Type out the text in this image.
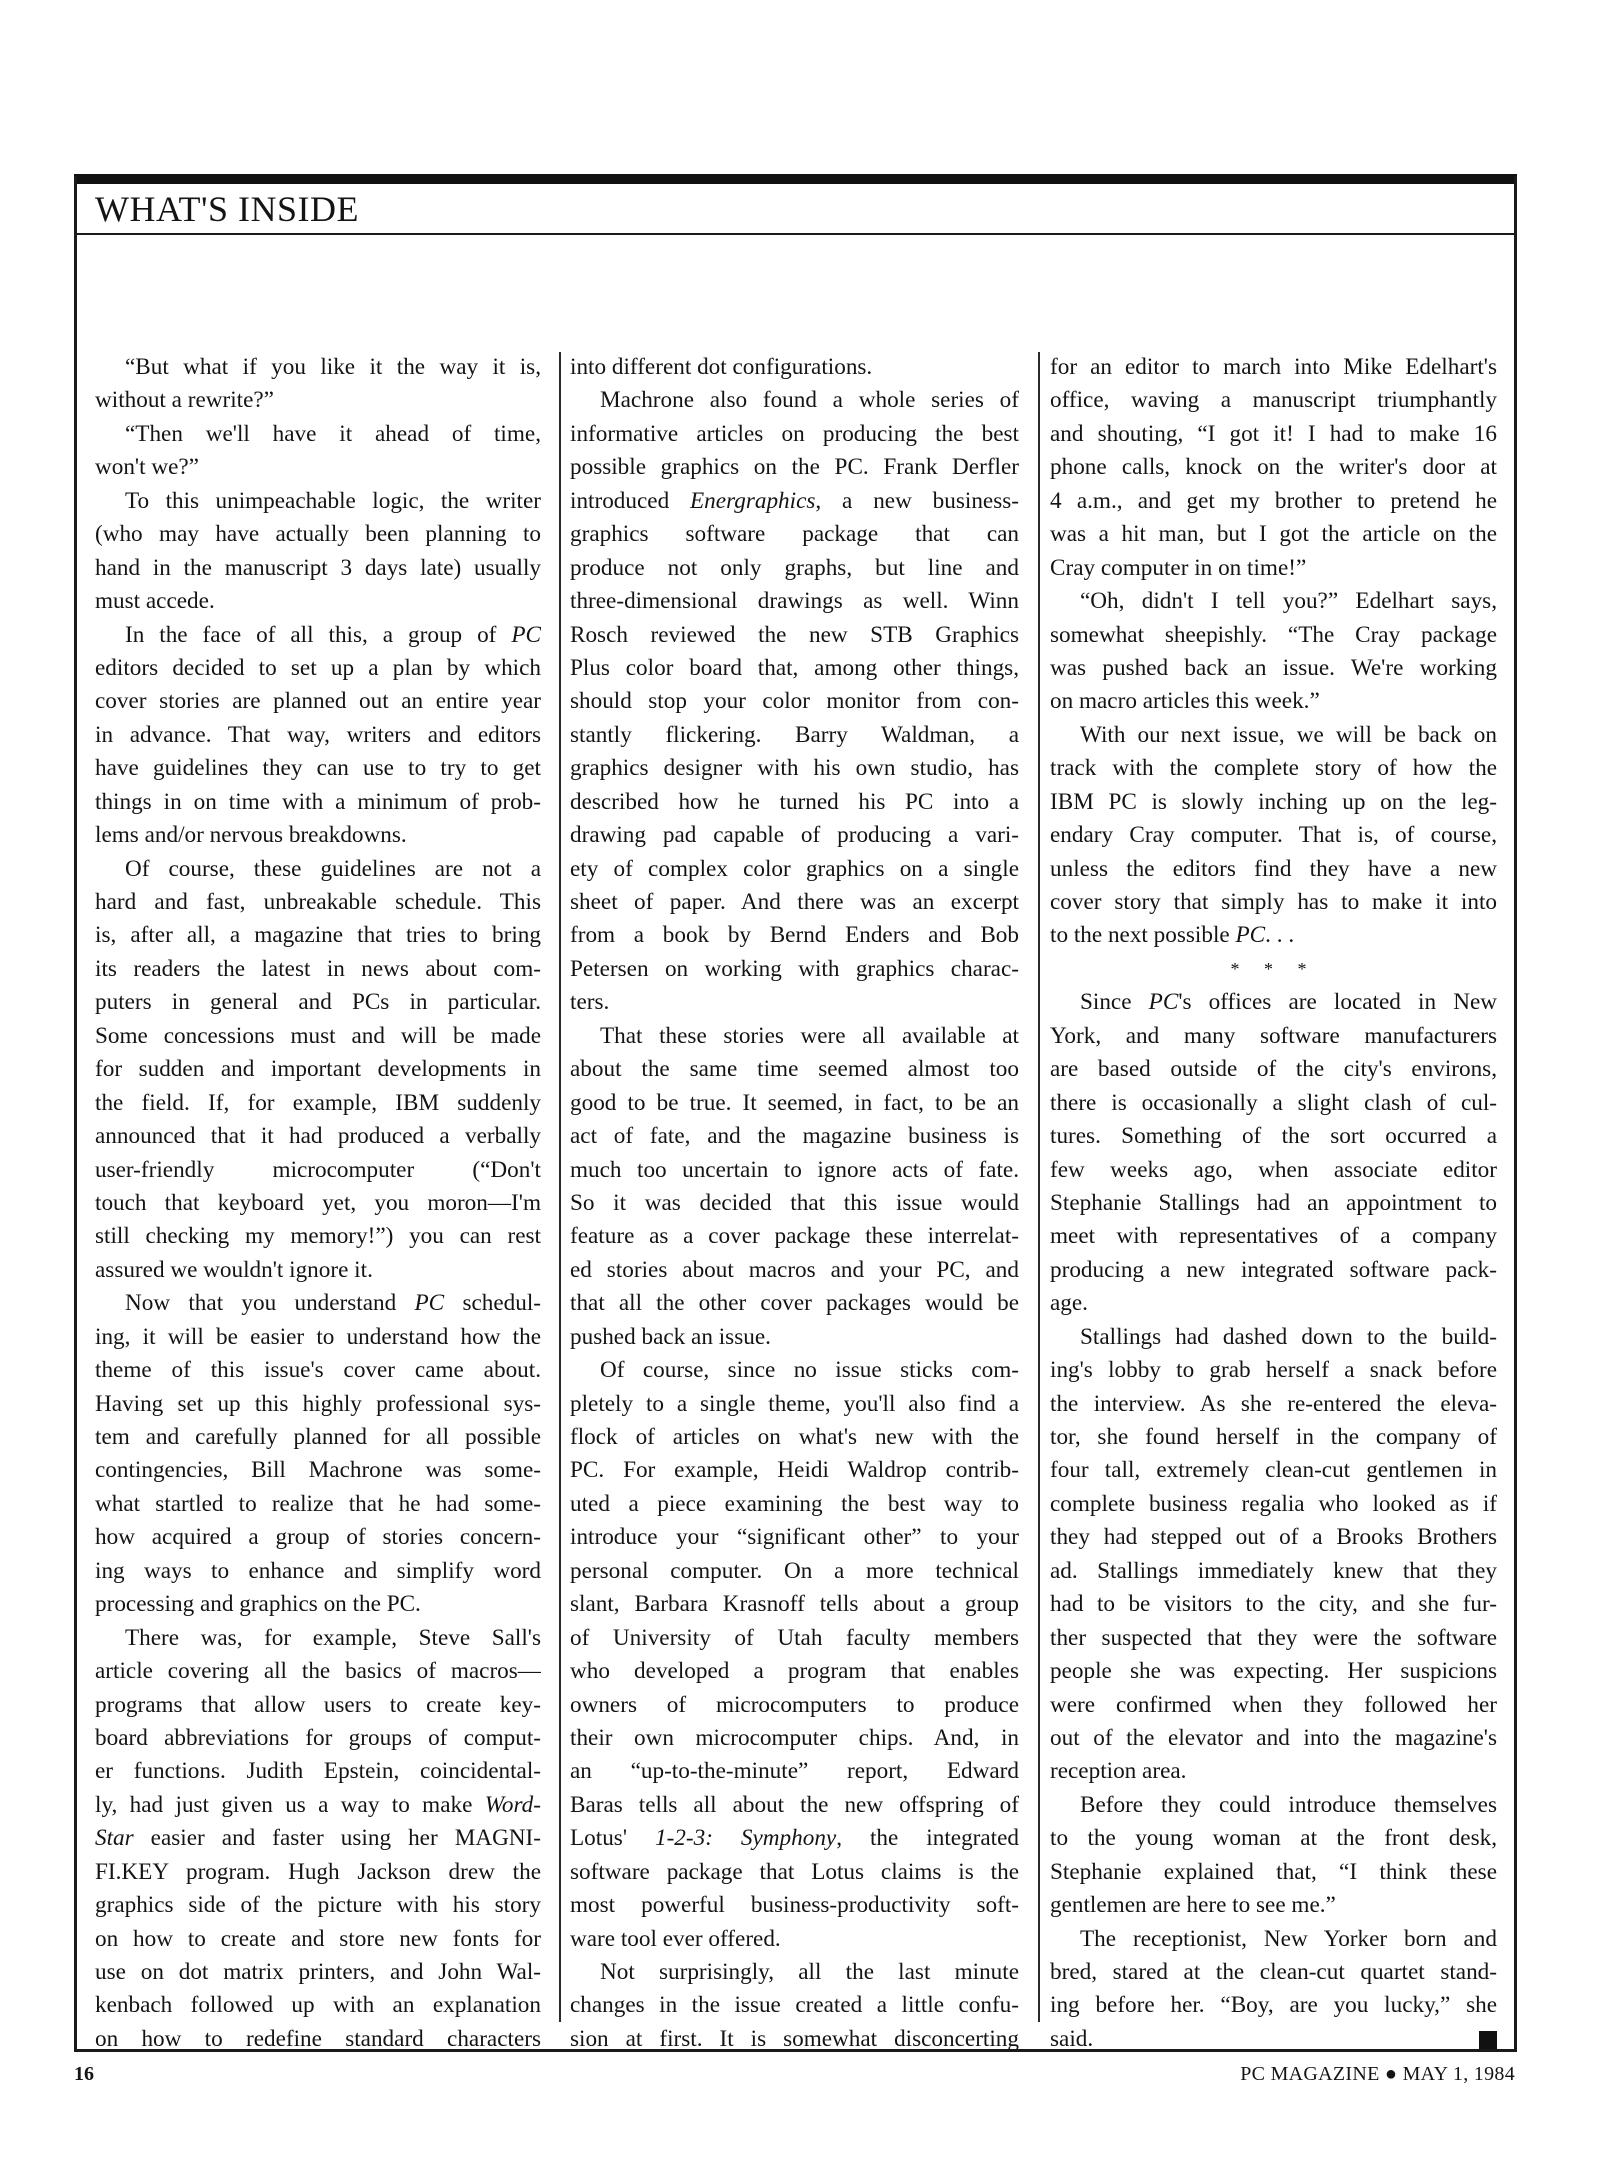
WHAT'S INSIDE
“But what if you like it the way it is,
without a rewrite?”
“Then we'll have it ahead of time,
won't we?”
To this unimpeachable logic, the writer
(who may have actually been planning to
hand in the manuscript 3 days late) usually
must accede.
In the face of all this, a group of PC
editors decided to set up a plan by which
cover stories are planned out an entire year
in advance. That way, writers and editors
have guidelines they can use to try to get
things in on time with a minimum of prob-
lems and/or nervous breakdowns.
Of course, these guidelines are not a
hard and fast, unbreakable schedule. This
is, after all, a magazine that tries to bring
its readers the latest in news about com-
puters in general and PCs in particular.
Some concessions must and will be made
for sudden and important developments in
the field. If, for example, IBM suddenly
announced that it had produced a verbally
user-friendly microcomputer (“Don't
touch that keyboard yet, you moron—I'm
still checking my memory!”) you can rest
assured we wouldn't ignore it.
Now that you understand PC schedul-
ing, it will be easier to understand how the
theme of this issue's cover came about.
Having set up this highly professional sys-
tem and carefully planned for all possible
contingencies, Bill Machrone was some-
what startled to realize that he had some-
how acquired a group of stories concern-
ing ways to enhance and simplify word
processing and graphics on the PC.
There was, for example, Steve Sall's
article covering all the basics of macros—
programs that allow users to create key-
board abbreviations for groups of comput-
er functions. Judith Epstein, coincidental-
ly, had just given us a way to make Word-
Star easier and faster using her MAGNI-
FI.KEY program. Hugh Jackson drew the
graphics side of the picture with his story
on how to create and store new fonts for
use on dot matrix printers, and John Wal-
kenbach followed up with an explanation
on how to redefine standard characters
into different dot configurations.
Machrone also found a whole series of
informative articles on producing the best
possible graphics on the PC. Frank Derfler
introduced Energraphics, a new business-
graphics software package that can
produce not only graphs, but line and
three-dimensional drawings as well. Winn
Rosch reviewed the new STB Graphics
Plus color board that, among other things,
should stop your color monitor from con-
stantly flickering. Barry Waldman, a
graphics designer with his own studio, has
described how he turned his PC into a
drawing pad capable of producing a vari-
ety of complex color graphics on a single
sheet of paper. And there was an excerpt
from a book by Bernd Enders and Bob
Petersen on working with graphics charac-
ters.
That these stories were all available at
about the same time seemed almost too
good to be true. It seemed, in fact, to be an
act of fate, and the magazine business is
much too uncertain to ignore acts of fate.
So it was decided that this issue would
feature as a cover package these interrelat-
ed stories about macros and your PC, and
that all the other cover packages would be
pushed back an issue.
Of course, since no issue sticks com-
pletely to a single theme, you'll also find a
flock of articles on what's new with the
PC. For example, Heidi Waldrop contrib-
uted a piece examining the best way to
introduce your “significant other” to your
personal computer. On a more technical
slant, Barbara Krasnoff tells about a group
of University of Utah faculty members
who developed a program that enables
owners of microcomputers to produce
their own microcomputer chips. And, in
an “up-to-the-minute” report, Edward
Baras tells all about the new offspring of
Lotus' 1-2-3: Symphony, the integrated
software package that Lotus claims is the
most powerful business-productivity soft-
ware tool ever offered.
Not surprisingly, all the last minute
changes in the issue created a little confu-
sion at first. It is somewhat disconcerting
for an editor to march into Mike Edelhart's
office, waving a manuscript triumphantly
and shouting, “I got it! I had to make 16
phone calls, knock on the writer's door at
4 a.m., and get my brother to pretend he
was a hit man, but I got the article on the
Cray computer in on time!”
“Oh, didn't I tell you?” Edelhart says,
somewhat sheepishly. “The Cray package
was pushed back an issue. We're working
on macro articles this week.”
With our next issue, we will be back on
track with the complete story of how the
IBM PC is slowly inching up on the leg-
endary Cray computer. That is, of course,
unless the editors find they have a new
cover story that simply has to make it into
to the next possible PC. . .
* * *
Since PC's offices are located in New
York, and many software manufacturers
are based outside of the city's environs,
there is occasionally a slight clash of cul-
tures. Something of the sort occurred a
few weeks ago, when associate editor
Stephanie Stallings had an appointment to
meet with representatives of a company
producing a new integrated software pack-
age.
Stallings had dashed down to the build-
ing's lobby to grab herself a snack before
the interview. As she re-entered the eleva-
tor, she found herself in the company of
four tall, extremely clean-cut gentlemen in
complete business regalia who looked as if
they had stepped out of a Brooks Brothers
ad. Stallings immediately knew that they
had to be visitors to the city, and she fur-
ther suspected that they were the software
people she was expecting. Her suspicions
were confirmed when they followed her
out of the elevator and into the magazine's
reception area.
Before they could introduce themselves
to the young woman at the front desk,
Stephanie explained that, “I think these
gentlemen are here to see me.”
The receptionist, New Yorker born and
bred, stared at the clean-cut quartet stand-
ing before her. “Boy, are you lucky,” she
said.
16	PC MAGAZINE ● MAY 1, 1984
